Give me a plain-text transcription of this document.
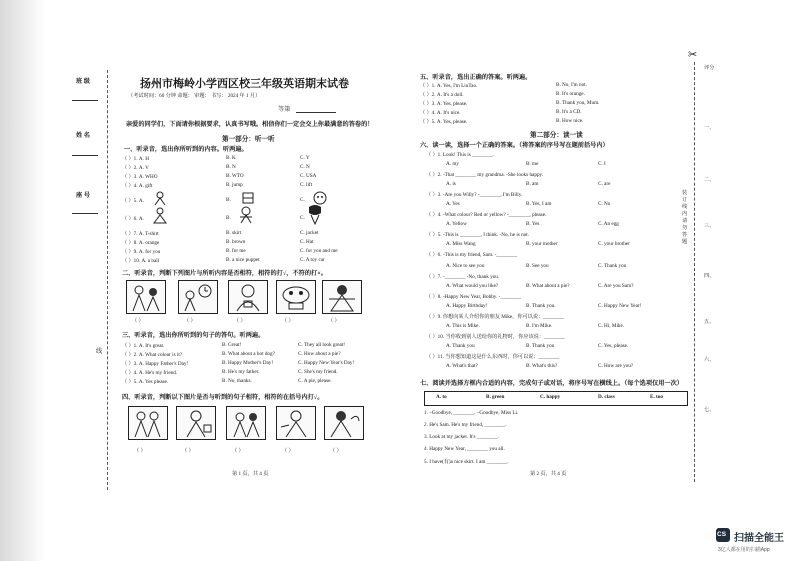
班 级
姓 名
座 号
线
扬州市梅岭小学西区校三年级英语期末试卷
（考试时间：60 分钟 命题： 审题： 书写： 2024 年 1 月）
等第
亲爱的同学们，下面请你根据要求，认真书写哦。相信你们一定会交上你最满意的答卷的！
第一部分：听一听
一、听录音，选出你所听到的内容。听两遍。
（ ）1. A. H	B. K	C. Y
（ ）2. A. V	B. N	C. N
（ ）3. A. WHO	B. WTO	C. USA
（ ）4. A. gift	B. jump	C. lift
（ ）5. A.	B.	C.
（ ）6. A.	B.	C.
（ ）7. A. T-shirt	B. skirt	C. jacket
（ ）8. A. orange	B. brown	C. Hat
（ ）9. A. for you	B. for me	C. for you and me
（ ）10. A. a ball	B. a nice puppet	C. A toy car
二、听录音，判断下列图片与所听内容是否相符，相符的打√，不符的打×。
（ ）	（ ）	（ ）	（ ）	（ ）
三、听录音，选出你所听到的句子的答句。听两遍。
（ ）1. A. It's great.	B. Great!	C. They all look great!
（ ）2. A. What colour is it?	B. What about a hot dog?	C. How about a pie?
（ ）3. A. Happy Father's Day!	B. Happy Mother's Day!	C. Happy New Year's Day!
（ ）4. A. He's my friend.	B. He's my father.	C. She's my friend.
（ ）5. A. Yes please.	B. No, thanks.	C. A pie, please.
四、听录音，判断以下图片是否与听到的句子相符，相符的在括号内打√。
（ ）	（ ）	（ ）	（ ）	（ ）
第 1 页，共 4 页
五、听录音，选出正确的答案。听两遍。
（ ）1. A. Yes, I'm LiuTao.	B. No, I'm not.
（ ）2. A. It's a doll.	B. It's orange.
（ ）3. A. Yes, please.	B. Thank you, Mum.
（ ）4. A. It's nice.	B. It's a CD.
（ ）5. A. Yes, please.	B. How nice.
第二部分：读一读
六、读一读，选择一个正确的答案。（将答案的序号写在题前括号内）
（ ）1. Look! This is ________.
A. my	B. me	C. I
（ ）2. -That ________ my grandma. -She looks happy.
A. is	B. am	C. are
（ ）3. -Are you Willy? -________, I'm Billy.
A. Yes	B. Yes, I am	C. No
（ ）4. -What colour? Red or yellow? -________, please.
A. Yellow	B. Yes	C. An egg
（ ）5. -This is ________, I think. -No, he is not.
A. Miss Wang	B. your mother	C. your brother
（ ）6. -This is my friend, Sam. -________
A. Nice to see you	B. See you	C. Thank you
（ ）7. -________ -No, thank you.
A. What would you like?	B. What about a pie?	C. Are you Sam?
（ ）8. -Happy New Year, Bobby. -________
A. Happy Birthday!	B. Thank you.	C. Happy New Year!
（ ）9. 你想向某人介绍你的朋友 Mike，你可以说：________
A. This is Mike.	B. I'm Mike.	C. Hi, Mike.
（ ）10. 当你收到别人送给你的礼物时，你应该说：________
A. Thank you	B. Thank you	C. Yes, please.
（ ）11. 当你想知道这是什么东西时，你可以说：________
A. What's that?	B. What's this?	C. How are you?
七、阅读并选择方框内合适的内容，完成句子或对话，将序号写在横线上。（每个选项仅用一次）
A. to	B. green	C. happy	D. class	E. too
1. –Goodbye, ________. –Goodbye, Miss Li.
2. He's Sam. He's my friend, ________.
3. Look at my jacket. It's ________.
4. Happy New Year, ________ you all.
5. I have(有)a nice skirt. I am ________.
第 2 页，共 4 页
✂
评分
一、
二、
三、
四、
五、
六、
七、
装订线内请勿答题
CS 扫描全能王
3亿人都在用的扫描App
